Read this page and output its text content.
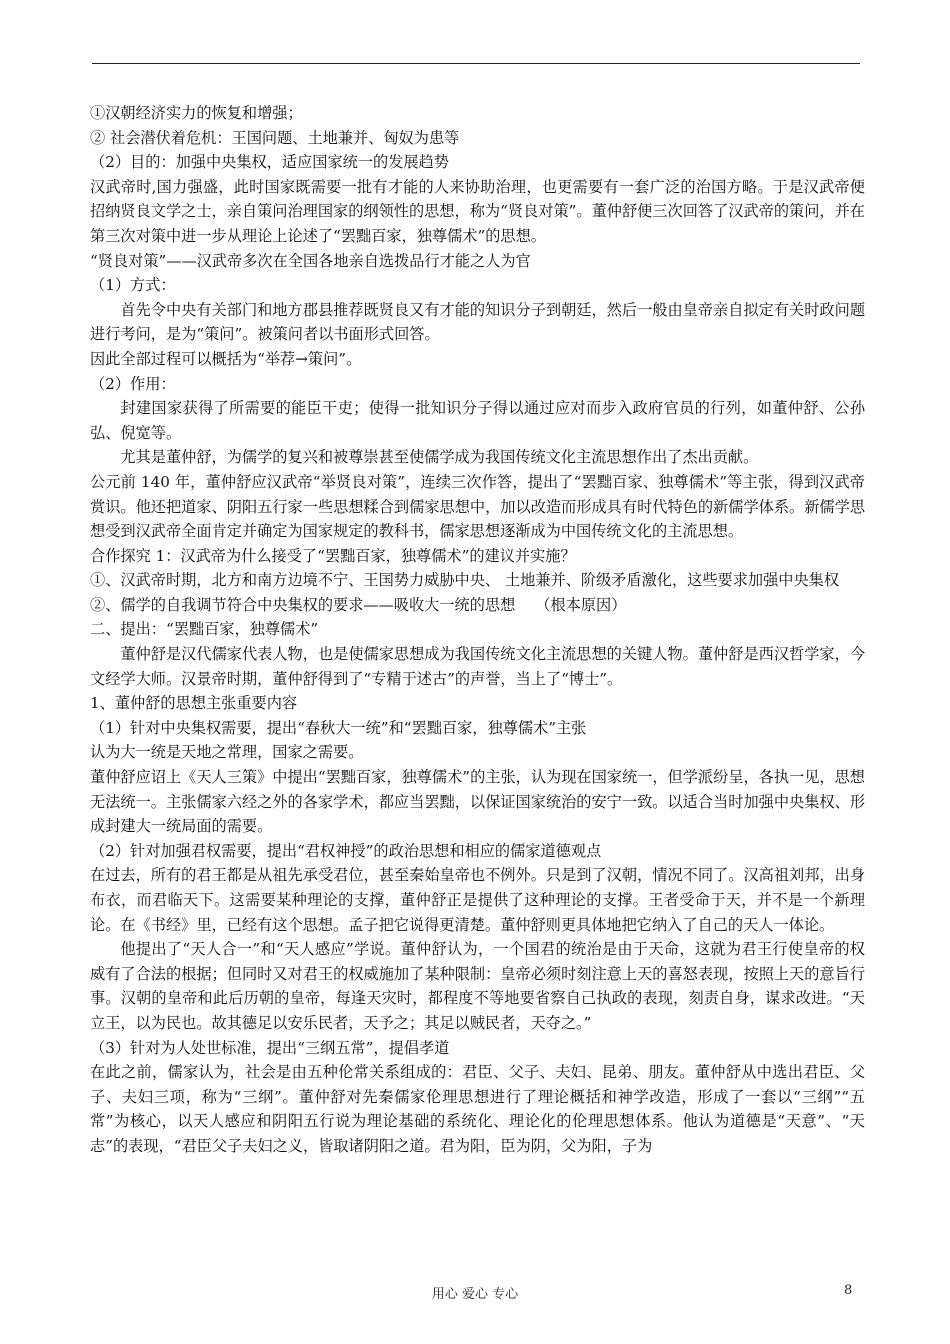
①汉朝经济实力的恢复和增强；

② 社会潜伏着危机：王国问题、土地兼并、匈奴为患等

（2）目的：加强中央集权，适应国家统一的发展趋势

汉武帝时,国力强盛，此时国家既需要一批有才能的人来协助治理，也更需要有一套广泛的治国方略。于是汉武帝便招纳贤良文学之士，亲自策问治理国家的纲领性的思想，称为“贤良对策”。董仲舒便三次回答了汉武帝的策问，并在第三次对策中进一步从理论上论述了“罢黜百家，独尊儒术”的思想。

“贤良对策”——汉武帝多次在全国各地亲自选拨品行才能之人为官

（1）方式：

首先令中央有关部门和地方郡县推荐既贤良又有才能的知识分子到朝廷，然后一般由皇帝亲自拟定有关时政问题进行考问，是为“策问”。被策问者以书面形式回答。

因此全部过程可以概括为“举荐→策问”。

（2）作用：

封建国家获得了所需要的能臣干吏；使得一批知识分子得以通过应对而步入政府官员的行列，如董仲舒、公孙弘、倪宽等。

尤其是董仲舒，为儒学的复兴和被尊崇甚至使儒学成为我国传统文化主流思想作出了杰出贡献。

公元前 140 年，董仲舒应汉武帝“举贤良对策”，连续三次作答，提出了“罢黜百家、独尊儒术”等主张，得到汉武帝赏识。他还把道家、阴阳五行家一些思想糅合到儒家思想中，加以改造而形成具有时代特色的新儒学体系。新儒学思想受到汉武帝全面肯定并确定为国家规定的教科书，儒家思想逐渐成为中国传统文化的主流思想。

合作探究 1：汉武帝为什么接受了“罢黜百家，独尊儒术”的建议并实施？

①、汉武帝时期，北方和南方边境不宁、王国势力威胁中央、 土地兼并、阶级矛盾激化，这些要求加强中央集权

②、儒学的自我调节符合中央集权的要求——吸收大一统的思想　 （根本原因）

二、提出：“罢黜百家，独尊儒术”

董仲舒是汉代儒家代表人物，也是使儒家思想成为我国传统文化主流思想的关键人物。董仲舒是西汉哲学家，今文经学大师。汉景帝时期，董仲舒得到了“专精于述古”的声誉，当上了“博士”。

1、董仲舒的思想主张重要内容

（1）针对中央集权需要，提出“春秋大一统”和“罢黜百家，独尊儒术”主张

认为大一统是天地之常理，国家之需要。

董仲舒应诏上《天人三策》中提出“罢黜百家，独尊儒术”的主张，认为现在国家统一，但学派纷呈，各执一见，思想无法统一。主张儒家六经之外的各家学术，都应当罢黜，以保证国家统治的安宁一致。以适合当时加强中央集权、形成封建大一统局面的需要。

（2）针对加强君权需要，提出“君权神授”的政治思想和相应的儒家道德观点

在过去，所有的君王都是从祖先承受君位，甚至秦始皇帝也不例外。只是到了汉朝，情况不同了。汉高祖刘邦，出身布衣，而君临天下。这需要某种理论的支撑，董仲舒正是提供了这种理论的支撑。王者受命于天，并不是一个新理论。在《书经》里，已经有这个思想。孟子把它说得更清楚。董仲舒则更具体地把它纳入了自己的天人一体论。

他提出了“天人合一”和“天人感应”学说。董仲舒认为，一个国君的统治是由于天命，这就为君王行使皇帝的权威有了合法的根据；但同时又对君王的权威施加了某种限制：皇帝必须时刻注意上天的喜怒表现，按照上天的意旨行事。汉朝的皇帝和此后历朝的皇帝，每逢天灾时，都程度不等地要省察自己执政的表现，刻责自身，谋求改进。“天立王，以为民也。故其德足以安乐民者，天予之；其足以贼民者，天夺之。”

（3）针对为人处世标准，提出“三纲五常”，提倡孝道

在此之前，儒家认为，社会是由五种伦常关系组成的：君臣、父子、夫妇、昆弟、朋友。董仲舒从中选出君臣、父子、夫妇三项，称为“三纲”。董仲舒对先秦儒家伦理思想进行了理论概括和神学改造，形成了一套以“三纲”“五常”为核心，以天人感应和阴阳五行说为理论基础的系统化、理论化的伦理思想体系。他认为道德是“天意”、“天志”的表现，“君臣父子夫妇之义，皆取诸阴阳之道。君为阳，臣为阴，父为阳，子为

用心 爱心 专心	8
